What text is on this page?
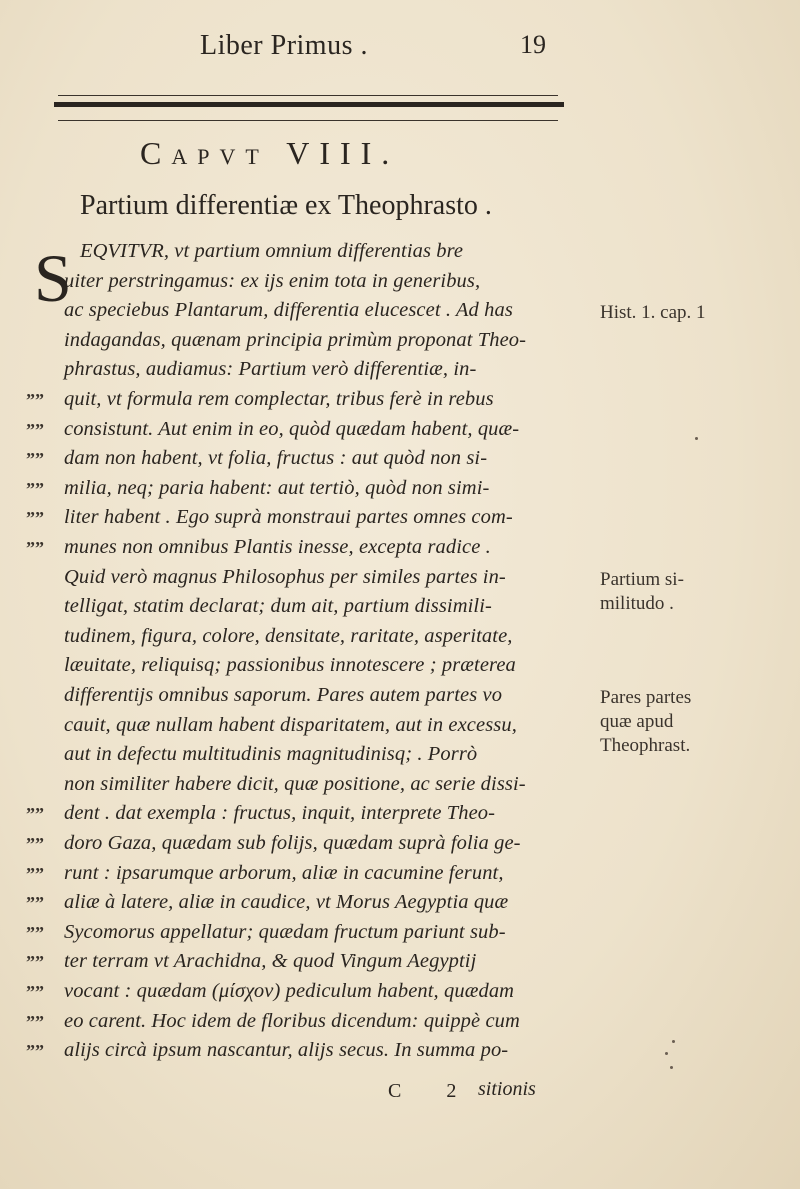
Liber Primus .	19
Capvt VIII.
Partium differentiæ ex Theophrasto .
S EQVITVR, vt partium omnium differentias bre
uiter perstringamus: ex ijs enim tota in generibus,
ac speciebus Plantarum, differentia elucescet . Ad has
indagandas, quænam principia primùm proponat Theo-
phrastus, audiamus: Partium verò differentiæ, in-
quit, vt formula rem complectar, tribus ferè in rebus
””
consistunt. Aut enim in eo, quòd quædam habent, quæ-
””
dam non habent, vt folia, fructus : aut quòd non si-
””
milia, neq; paria habent: aut tertiò, quòd non simi-
””
liter habent . Ego suprà monstraui partes omnes com-
””
munes non omnibus Plantis inesse, excepta radice .
””
Quid verò magnus Philosophus per similes partes in-
telligat, statim declarat; dum ait, partium dissimili-
tudinem, figura, colore, densitate, raritate, asperitate,
læuitate, reliquisq; passionibus innotescere ; præterea
differentijs omnibus saporum. Pares autem partes vo
cauit, quæ nullam habent disparitatem, aut in excessu,
aut in defectu multitudinis magnitudinisq; . Porrò
non similiter habere dicit, quæ positione, ac serie dissi-
dent . dat exempla : fructus, inquit, interprete Theo-
””
doro Gaza, quædam sub folijs, quædam suprà folia ge-
””
runt : ipsarumque arborum, aliæ in cacumine ferunt,
””
aliæ à latere, aliæ in caudice, vt Morus Aegyptia quæ
””
Sycomorus appellatur; quædam fructum pariunt sub-
””
ter terram vt Arachidna, & quod Vingum Aegyptij
””
vocant : quædam (μίσχον) pediculum habent, quædam
””
eo carent. Hoc idem de floribus dicendum: quippè cum
””
alijs circà ipsum nascantur, alijs secus. In summa po-
””
Hist. 1. cap. 1
Partium si-
militudo .
Pares partes
quæ apud
Theophrast.
C 2 sitionis
